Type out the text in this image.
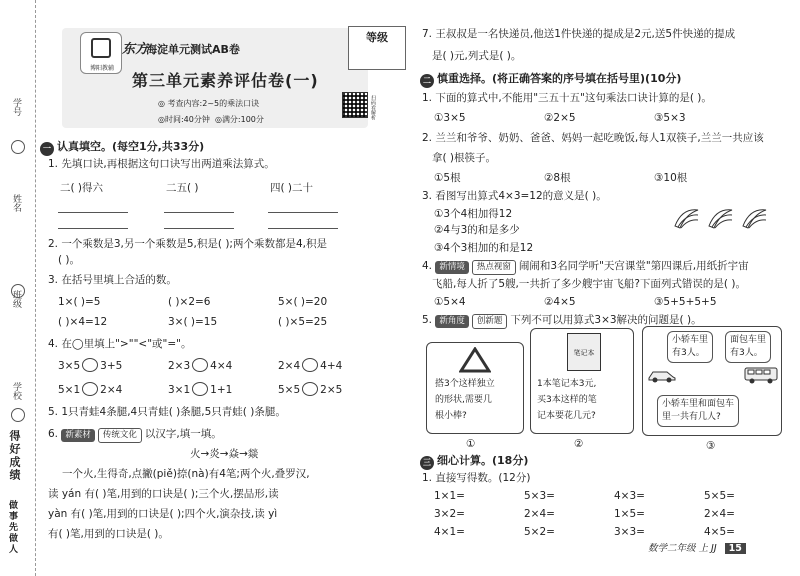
学号
姓名
班级
学校
得好成绩
做事先做人
博阳教辅
东方
海淀单元测试AB卷
第三单元素养评估卷(一)
◎ 考查内容:2~5的乘法口诀
◎时间:40分钟  ◎满分:100分
等级
扫码看解析
一 认真填空。(每空1分,共33分)
1. 先填口诀,再根据这句口诀写出两道乘法算式。
二( )得六	二五( )	四( )二十
2. 一个乘数是3,另一个乘数是5,积是( );两个乘数都是4,积是
( )。
3. 在括号里填上合适的数。
1×( )=5	( )×2=6	5×( )=20
( )×4=12	3×( )=15	( )×5=25
4. 在◯里填上">""<"或"="。
3×5 3+5	2×3 4×4	2×4 4+4
5×1 2×4	3×1 1+1	5×5 2×5
5. 1只青蛙4条腿,4只青蛙( )条腿,5只青蛙( )条腿。
6. 新素材 传统文化 以汉字,填一填。
火→炎→焱→燚
一个火,生得奇,点撇(piě)捺(nà)有4笔;两个火,叠罗汉,
读 yán 有( )笔,用到的口诀是( );三个火,摆品形,读
yàn 有( )笔,用到的口诀是( );四个火,演杂技,读 yì
有( )笔,用到的口诀是( )。
7. 王叔叔是一名快递员,他送1件快递的提成是2元,送5件快递的提成
是( )元,列式是( )。
二 慎重选择。(将正确答案的序号填在括号里)(10分)
1. 下面的算式中,不能用"三五十五"这句乘法口诀计算的是( )。
①3×5	②2×5	③5×3
2. 兰兰和爷爷、奶奶、爸爸、妈妈一起吃晚饭,每人1双筷子,兰兰一共应该
拿( )根筷子。
①5根	②8根	③10根
3. 看图写出算式4×3=12的意义是( )。
①3个4相加得12
②4与3的和是多少
③4个3相加的和是12
4. 新情境 热点视窗 闹闹和3名同学听"天宫课堂"第四课后,用纸折宇宙
飞船,每人折了5艘,一共折了多少艘宇宙飞船?下面列式错误的是( )。
①5×4	②4×5	③5+5+5+5
5. 新角度 创新题 下列不可以用算式3×3解决的问题是( )。
搭3个这样独立
的形状,需要几
根小棒?
①
笔记本
1本笔记本3元,
买3本这样的笔
记本要花几元?
②
小轿车里
有3人。
面包车里
有3人。
小轿车里和面包车
里一共有几人?
③
三 细心计算。(18分)
1. 直接写得数。(12分)
1×1=	5×3=	4×3=	5×5=
3×2=	2×4=	1×5=	2×4=
4×1=	5×2=	3×3=	4×5=
数学二年级 上 JJ 15
